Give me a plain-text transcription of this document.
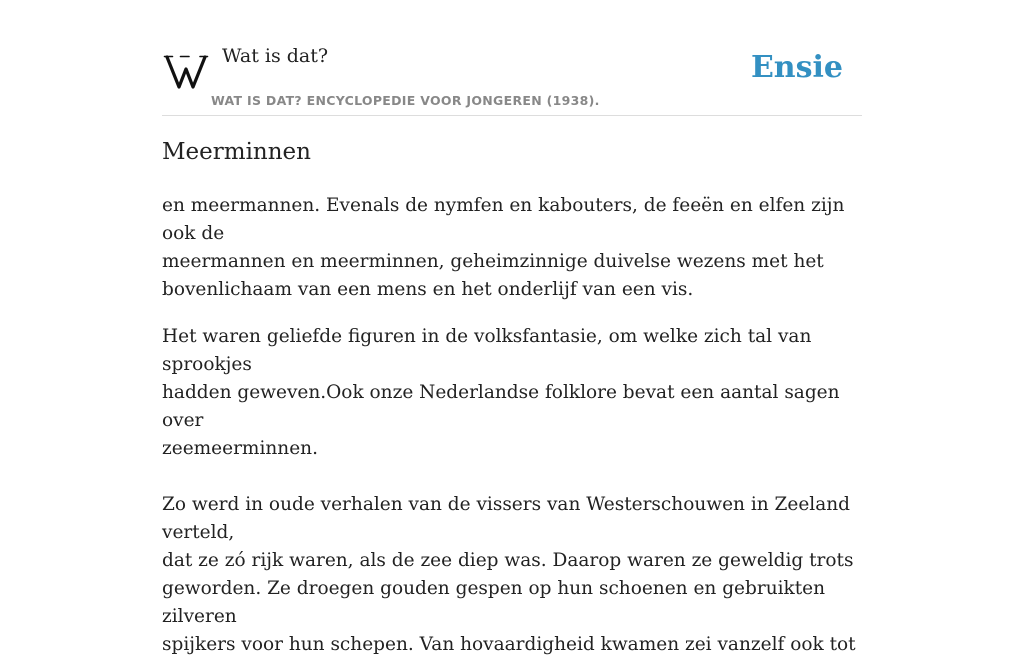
Wat is dat?
WAT IS DAT? ENCYCLOPEDIE VOOR JONGEREN (1938).
Ensie
Meerminnen

en meermannen. Evenals de nymfen en kabouters, de feeën en elfen zijn ook de
meermannen en meerminnen, geheimzinnige duivelse wezens met het
bovenlichaam van een mens en het onderlijf van een vis.

Het waren geliefde figuren in de volksfantasie, om welke zich tal van sprookjes
hadden geweven.Ook onze Nederlandse folklore bevat een aantal sagen over
zeemeerminnen.

Zo werd in oude verhalen van de vissers van Westerschouwen in Zeeland verteld,
dat ze zó rijk waren, als de zee diep was. Daarop waren ze geweldig trots
geworden. Ze droegen gouden gespen op hun schoenen en gebruikten zilveren
spijkers voor hun schepen. Van hovaardigheid kwamen zei vanzelf ook tot
